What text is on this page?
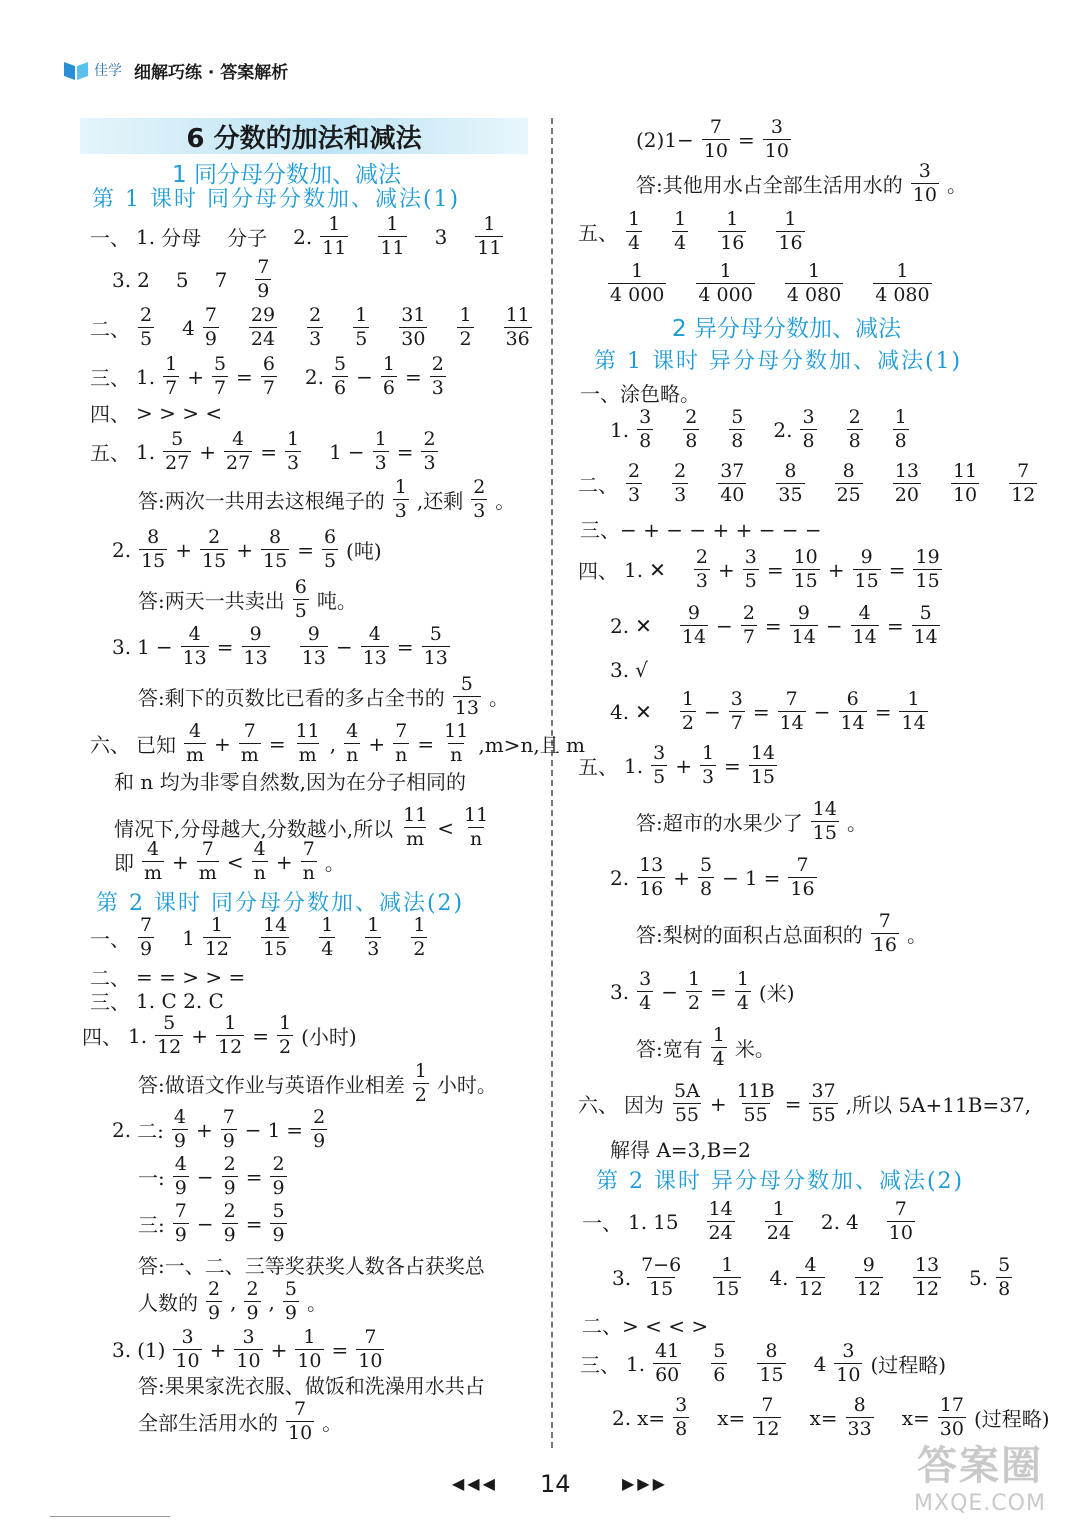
佳学 细解巧练 · 答案解析
6 分数的加法和减法
1 同分母分数加、减法
第 1 课时 同分母分数加、减法(1)
一、 1. 分母 分子 2.
1
11
1
11 3
1
11
3. 2 5 7
7
9
二、
2
5 4
7
9
29
24
2
3
1
5
31
30
1
2
11
36
三、 1.
1
$7 + \frac{5}{7} = \frac{6}{7} 2$.
5
$6 - \frac{1}{6} = \frac{2}{3}$
四、 > > > <
五、 1.
5
$27 + \frac{4}{27} = \frac{1}{3} 1 - \frac{1}{3} = \frac{2}{3}$
答:两次一共用去这根绳子的
1
3 ,还剩
2
3 。
2.
8
$15 + \frac{2}{15} + \frac{8}{15} = \frac{6}{5}$ (吨)
答:两天一共卖出
6
5 吨。
3. $1 - \frac{4}{13} = \frac{9}{13} 9$
$13 - \frac{4}{13} = \frac{5}{13}$
答:剩下的页数比已看的多占全书的
5
13 。
六、 已知
4
$m + \frac{7}{m} = \frac{11}{m}$ ,
4
$n + \frac{7}{n} = \frac{11}{n} ,m>n$,且 m
和 n 均为非零自然数,因为在分子相同的
情况下,分母越大,分数越小,所以
11
m <
11
n
即
4
$m + \frac{7}{m}$ <
4
$n + \frac{7}{n}$ 。
第 2 课时 同分母分数加、减法(2)
一、
7
9 1
1
12
14
15
1
4
1
3
1
2
二、 = = > > =
三、 1. C 2. C
四、 1.
5
$12 + \frac{1}{12} = \frac{1}{2}$ (小时)
答:做语文作业与英语作业相差
1
2 小时。
2. 二:
4
$9 + \frac{7}{9} - 1 = \frac{2}{9}$
一:
4
$9 - \frac{2}{9} = \frac{2}{9}$
三:
7
$9 - \frac{2}{9} = \frac{5}{9}$
答:一、二、三等奖获奖人数各占获奖总
人数的
2
9 ,
2
9 ,
5
9 。
3. (1)
3
$10 + \frac{3}{10} + \frac{1}{10} = \frac{7}{10}$
答:果果家洗衣服、做饭和洗澡用水共占
全部生活用水的
7
10 。
$(2)1- \frac{7}{10} = \frac{3}{10}$
答:其他用水占全部生活用水的
3
10 。
五、
1
4
1
4
1
16
1
16
1
4 000
1
4 000
1
4 080
1
4 080
2 异分母分数加、减法
第 1 课时 异分母分数加、减法(1)
一、涂色略。
1.
3
8
2
8
5
8 2.
3
8
2
8
1
8
二、
2
3
2
3
37
40
8
35
8
25
13
20
11
10
7
12
三、− + − − + + − − −
四、 1. ✕
2
$3 + \frac{3}{5} = \frac{10}{15} + \frac{9}{15} = \frac{19}{15}$
2. ✕
9
$14 - \frac{2}{7} = \frac{9}{14} - \frac{4}{14} = \frac{5}{14}$
3. √
4. ✕
1
$2 - \frac{3}{7} = \frac{7}{14} - \frac{6}{14} = \frac{1}{14}$
五、 1.
3
$5 + \frac{1}{3} = \frac{14}{15}$
答:超市的水果少了
14
15 。
2.
13
$16 + \frac{5}{8} - 1 = \frac{7}{16}$
答:梨树的面积占总面积的
7
16 。
3.
3
$4 - \frac{1}{2} = \frac{1}{4}$ (米)
答:宽有
1
4 米。
六、 因为
5A
$55 + \frac{11B}{55} = \frac{37}{55}$ ,所以 5A+11B=37,
解得 A=3,B=2
第 2 课时 异分母分数加、减法(2)
一、 1. 15
14
24
1
24 2. 4
7
10
3.
7−6
15
1
15 4.
4
12
9
12
13
12 5.
5
8
二、> < < >
三、 1.
41
60
5
6
8
15 4
3
10 (过程略)
2. $x= \frac{3}{8} x= \frac{7}{12} x= \frac{8}{33} x= \frac{17}{30}$ (过程略)
◀◀◀ 14	▶▶▶	答案圈
MXQE.COM
